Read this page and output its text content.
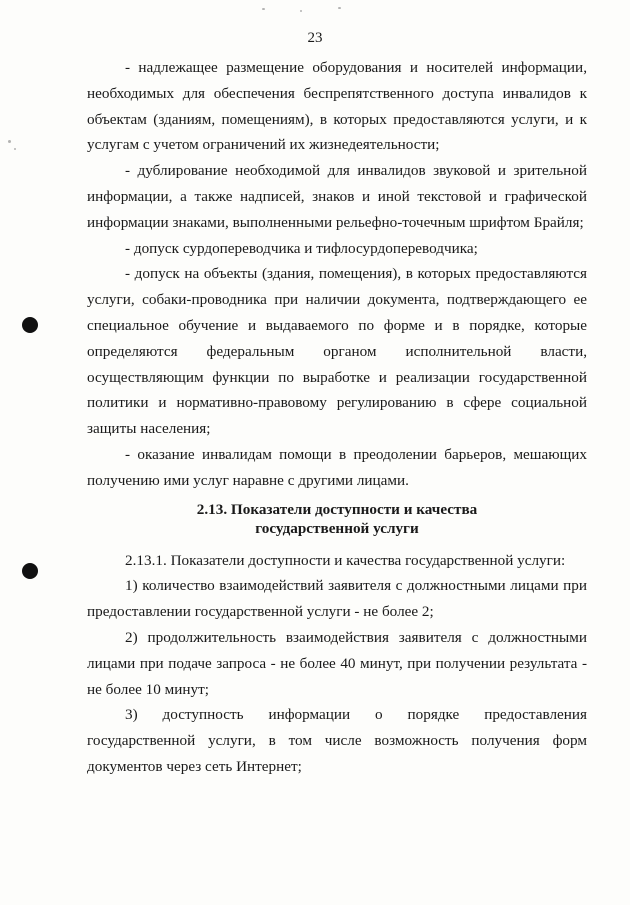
23

- надлежащее размещение оборудования и носителей информации, необходимых для обеспечения беспрепятственного доступа инвалидов к объектам (зданиям, помещениям), в которых предоставляются услуги, и к услугам с учетом ограничений их жизнедеятельности;

- дублирование необходимой для инвалидов звуковой и зрительной информации, а также надписей, знаков и иной текстовой и графической информации знаками, выполненными рельефно-точечным шрифтом Брайля;

- допуск сурдопереводчика и тифлосурдопереводчика;

- допуск на объекты (здания, помещения), в которых предоставляются услуги, собаки-проводника при наличии документа, подтверждающего ее специальное обучение и выдаваемого по форме и в порядке, которые определяются федеральным органом исполнительной власти, осуществляющим функции по выработке и реализации государственной политики и нормативно-правовому регулированию в сфере социальной защиты населения;

- оказание инвалидам помощи в преодолении барьеров, мешающих получению ими услуг наравне с другими лицами.

2.13. Показатели доступности и качества
государственной услуги

2.13.1. Показатели доступности и качества государственной услуги:

1) количество взаимодействий заявителя с должностными лицами при предоставлении государственной услуги - не более 2;

2) продолжительность взаимодействия заявителя с должностными лицами при подаче запроса - не более 40 минут, при получении результата - не более 10 минут;

3) доступность информации о порядке предоставления государственной услуги, в том числе возможность получения форм документов через сеть Интернет;
